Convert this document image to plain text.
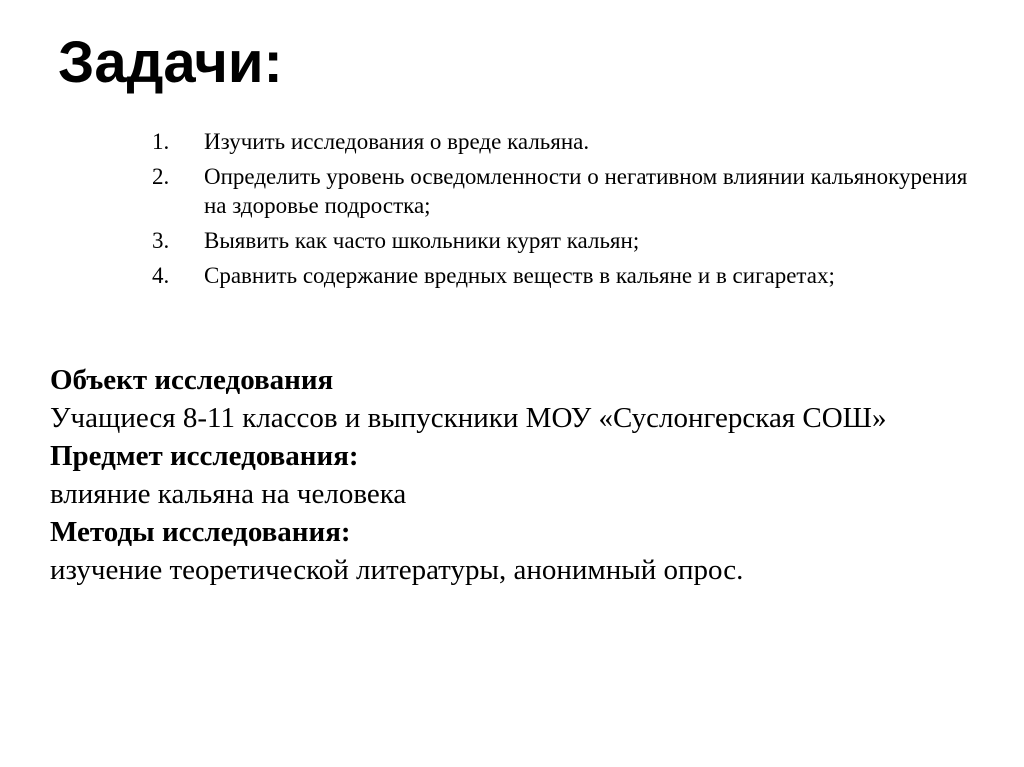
Задачи:
1.	Изучить исследования о вреде кальяна.
2.	Определить уровень осведомленности о негативном влиянии кальянокурения на здоровье подростка;
3.	Выявить как часто школьники курят кальян;
4.	Сравнить содержание вредных веществ в кальяне и в сигаретах;

Объект исследования

Учащиеся 8-11 классов и выпускники МОУ «Суслонгерская СОШ»

Предмет исследования:

влияние кальяна на человека

Методы исследования:

изучение теоретической литературы, анонимный опрос.
